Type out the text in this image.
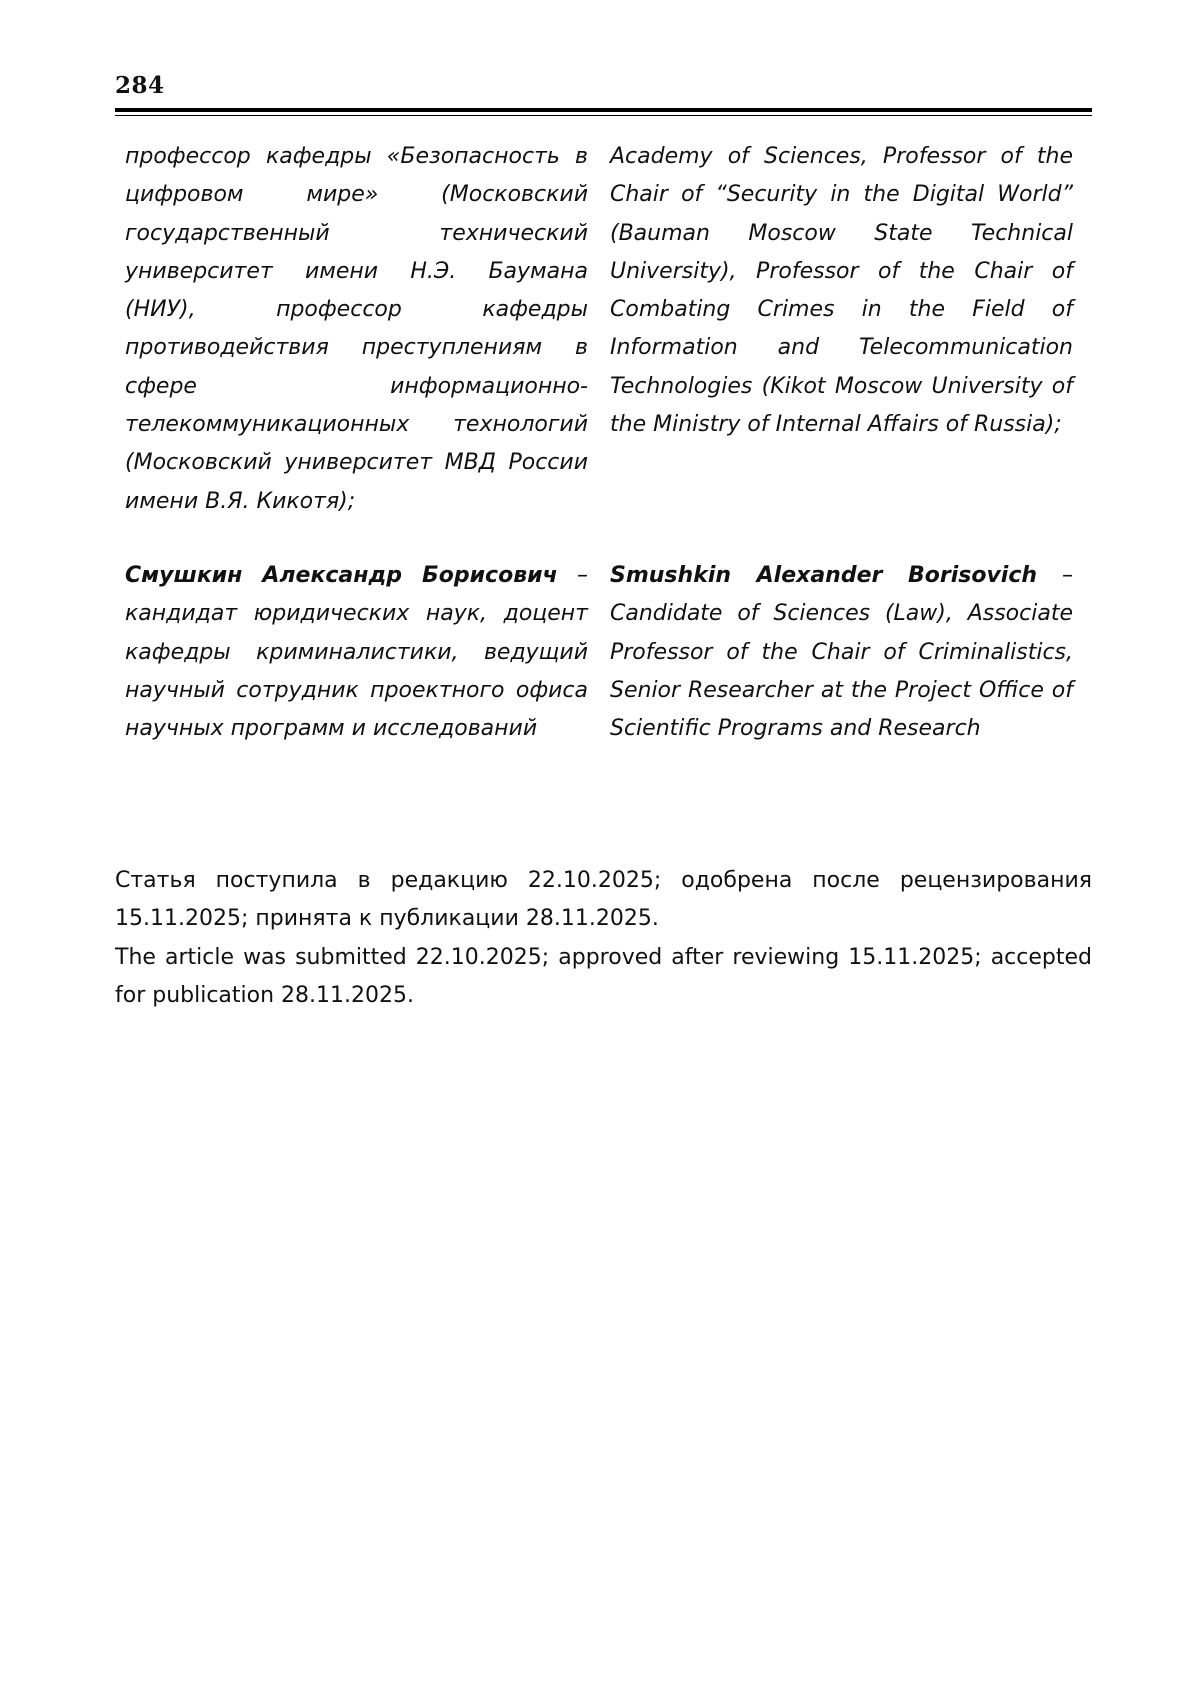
284

профессор кафедры «Безопасность в цифровом мире» (Московский государственный технический университет имени Н.Э. Баумана (НИУ), профессор кафедры противодействия преступлениям в сфере информационно-телекоммуникационных технологий (Московский университет МВД России имени В.Я. Кикотя);

Academy of Sciences, Professor of the Chair of “Security in the Digital World” (Bauman Moscow State Technical University), Professor of the Chair of Combating Crimes in the Field of Information and Telecommunication Technologies (Kikot Moscow University of the Ministry of Internal Affairs of Russia);

Смушкин Александр Борисович – кандидат юридических наук, доцент кафедры криминалистики, ведущий научный сотрудник проектного офиса научных программ и исследований

Smushkin Alexander Borisovich – Candidate of Sciences (Law), Associate Professor of the Chair of Criminalistics, Senior Researcher at the Project Office of Scientific Programs and Research

Статья поступила в редакцию 22.10.2025; одобрена после рецензирования 15.11.2025; принята к публикации 28.11.2025.

The article was submitted 22.10.2025; approved after reviewing 15.11.2025; accepted for publication 28.11.2025.
